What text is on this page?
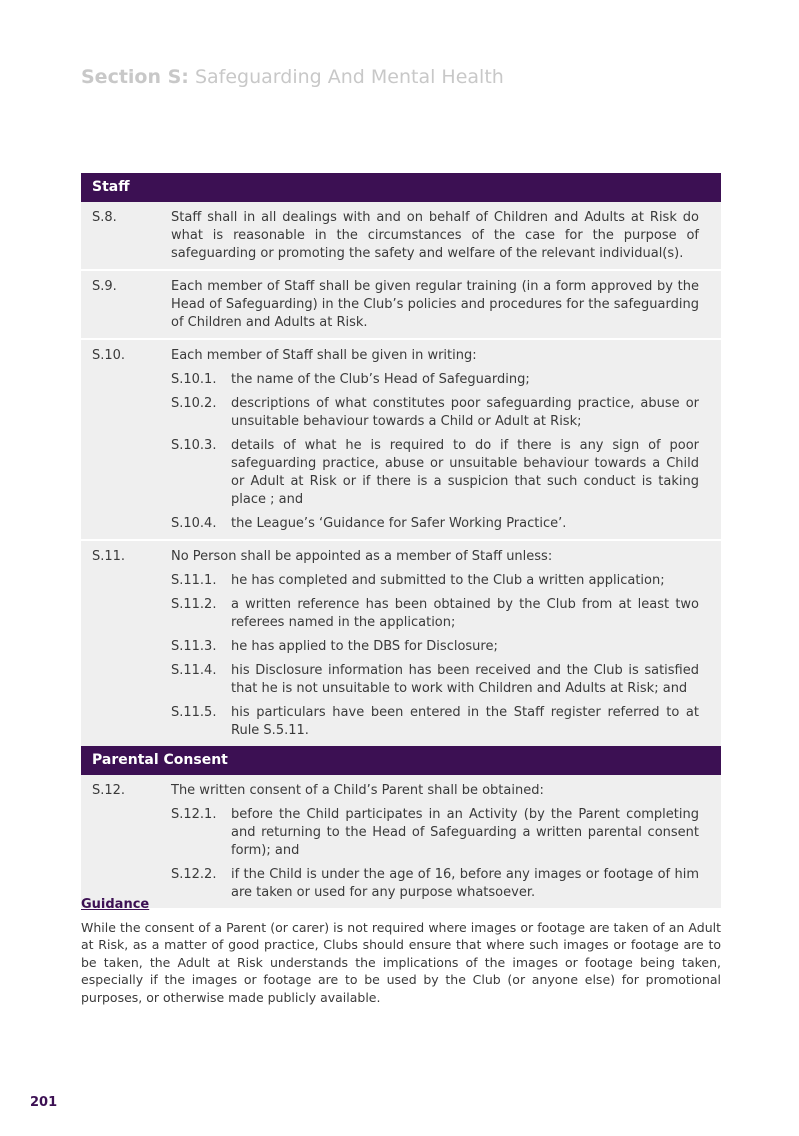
Section S: Safeguarding And Mental Health
Staff
S.8.	Staff shall in all dealings with and on behalf of Children and Adults at Risk do what is reasonable in the circumstances of the case for the purpose of safeguarding or promoting the safety and welfare of the relevant individual(s).
S.9.	Each member of Staff shall be given regular training (in a form approved by the Head of Safeguarding) in the Club’s policies and procedures for the safeguarding of Children and Adults at Risk.
S.10.	Each member of Staff shall be given in writing:
S.10.1.	the name of the Club’s Head of Safeguarding;
S.10.2.	descriptions of what constitutes poor safeguarding practice, abuse or unsuitable behaviour towards a Child or Adult at Risk;
S.10.3.	details of what he is required to do if there is any sign of poor safeguarding practice, abuse or unsuitable behaviour towards a Child or Adult at Risk or if there is a suspicion that such conduct is taking place ; and
S.10.4.	the League’s ‘Guidance for Safer Working Practice’.
S.11.	No Person shall be appointed as a member of Staff unless:
S.11.1.	he has completed and submitted to the Club a written application;
S.11.2.	a written reference has been obtained by the Club from at least two referees named in the application;
S.11.3.	he has applied to the DBS for Disclosure;
S.11.4.	his Disclosure information has been received and the Club is satisfied that he is not unsuitable to work with Children and Adults at Risk; and
S.11.5.	his particulars have been entered in the Staff register referred to at Rule S.5.11.
Parental Consent
S.12.	The written consent of a Child’s Parent shall be obtained:
S.12.1.	before the Child participates in an Activity (by the Parent completing and returning to the Head of Safeguarding a written parental consent form); and
S.12.2.	if the Child is under the age of 16, before any images or footage of him are taken or used for any purpose whatsoever.
Guidance
While the consent of a Parent (or carer) is not required where images or footage are taken of an Adult at Risk, as a matter of good practice, Clubs should ensure that where such images or footage are to be taken, the Adult at Risk understands the implications of the images or footage being taken, especially if the images or footage are to be used by the Club (or anyone else) for promotional purposes, or otherwise made publicly available.
201
